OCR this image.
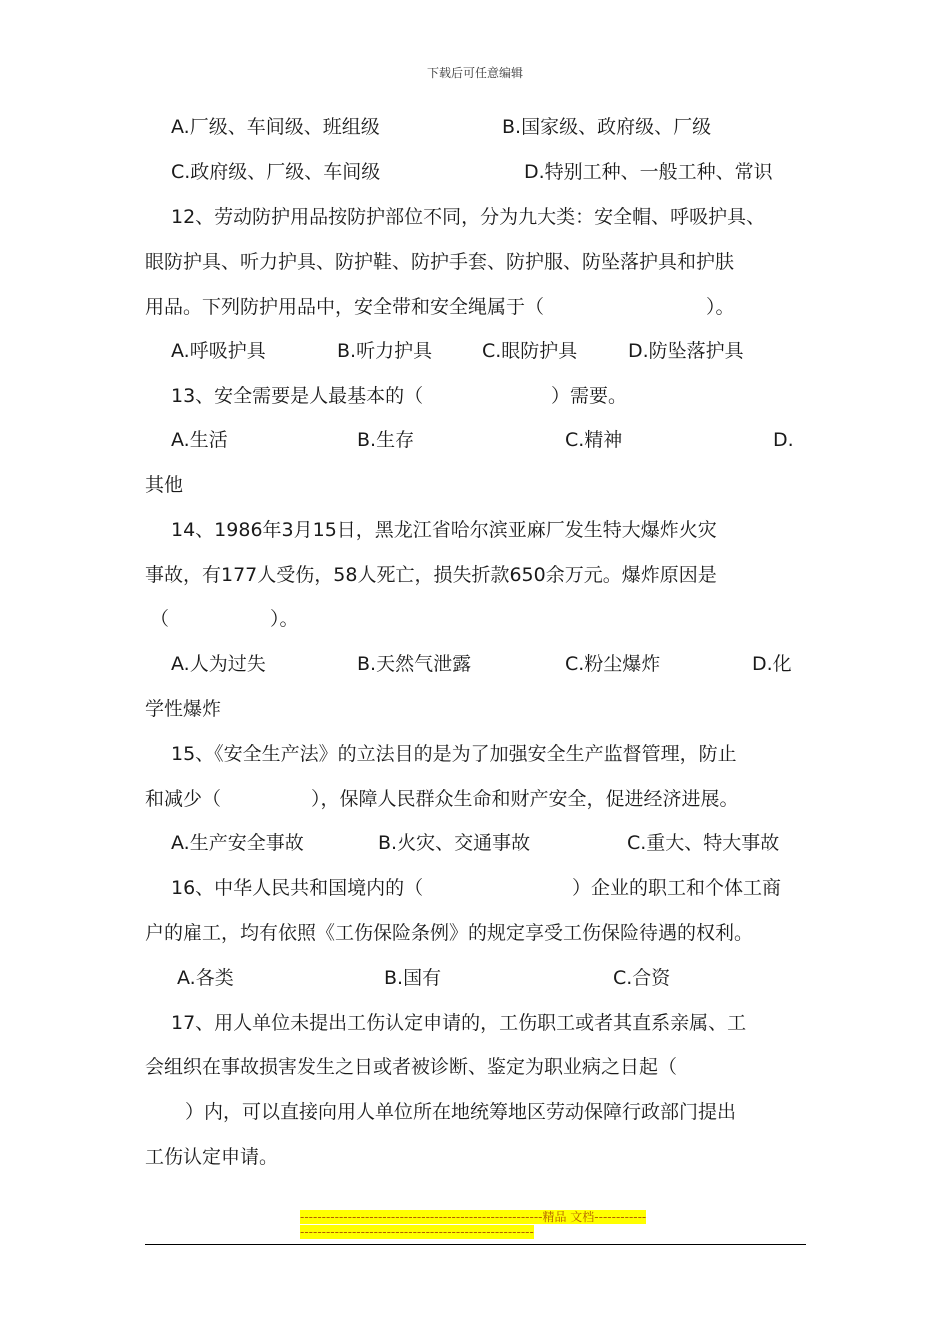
下载后可任意编辑
A.厂级、车间级、班组级	B.国家级、政府级、厂级
C.政府级、厂级、车间级	D.特别工种、一般工种、常识
12、劳动防护用品按防护部位不同，分为九大类：安全帽、呼吸护具、
眼防护具、听力护具、防护鞋、防护手套、防护服、防坠落护具和护肤
用品。下列防护用品中，安全带和安全绳属于（	）。
A.呼吸护具	B.听力护具	C.眼防护具	D.防坠落护具
13、安全需要是人最基本的（	）需要。
A.生活	B.生存	C.精神	D.
其他
14、1986年3月15日，黑龙江省哈尔滨亚麻厂发生特大爆炸火灾
事故，有177人受伤，58人死亡，损失折款650余万元。爆炸原因是
（	）。
A.人为过失	B.天然气泄露	C.粉尘爆炸	D.化
学性爆炸
15、《安全生产法》的立法目的是为了加强安全生产监督管理，防止
和减少（	），保障人民群众生命和财产安全，促进经济进展。
A.生产安全事故	B.火灾、交通事故	C.重大、特大事故
16、中华人民共和国境内的（	）企业的职工和个体工商
户的雇工，均有依照《工伤保险条例》的规定享受工伤保险待遇的权利。
A.各类	B.国有	C.合资
17、用人单位未提出工伤认定申请的，工伤职工或者其直系亲属、工
会组织在事故损害发生之日或者被诊断、鉴定为职业病之日起（
）内，可以直接向用人单位所在地统筹地区劳动保障行政部门提出
工伤认定申请。
--------------------------------------------------------精品 文档------------------------------------------------------------------
